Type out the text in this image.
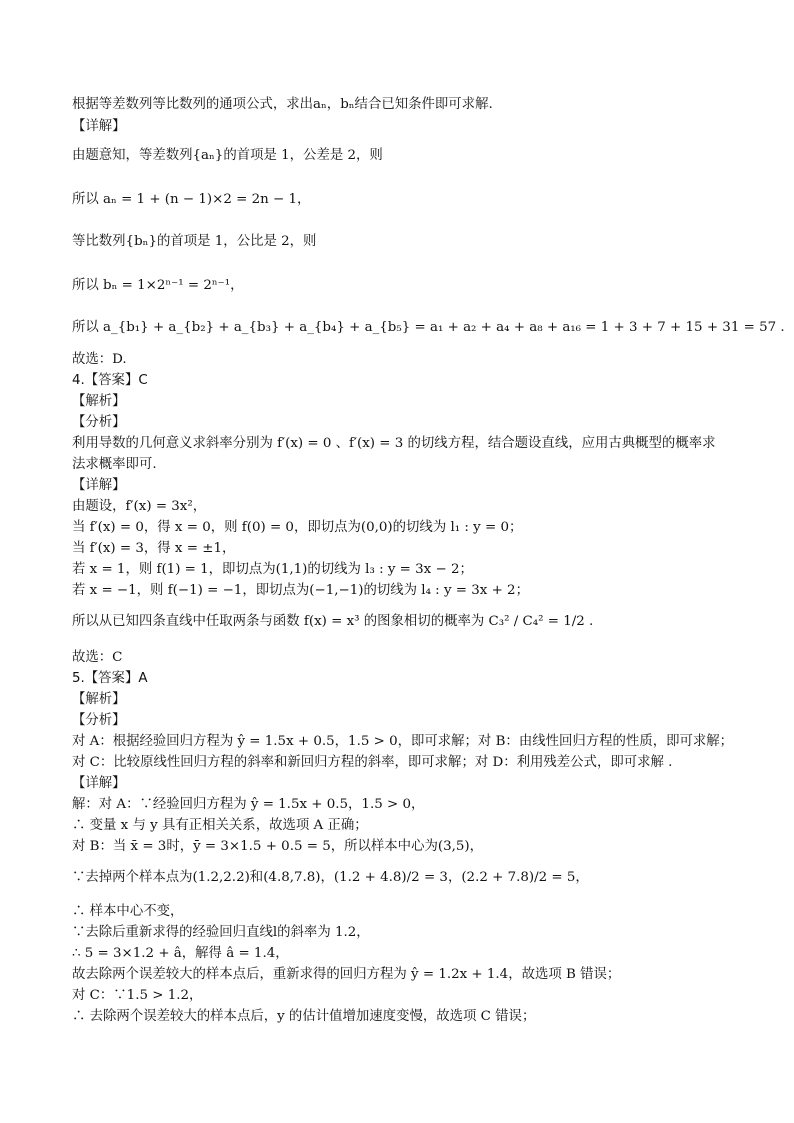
根据等差数列等比数列的通项公式，求出aₙ，bₙ结合已知条件即可求解.
【详解】
由题意知，等差数列{aₙ}的首项是 1，公差是 2，则
所以 aₙ = 1 + (n − 1)×2 = 2n − 1，
等比数列{bₙ}的首项是 1，公比是 2，则
所以 bₙ = 1×2ⁿ⁻¹ = 2ⁿ⁻¹，
所以 a_{b₁} + a_{b₂} + a_{b₃} + a_{b₄} + a_{b₅} = a₁ + a₂ + a₄ + a₈ + a₁₆ = 1 + 3 + 7 + 15 + 31 = 57 .
故选：D.
4.【答案】C
【解析】
【分析】
利用导数的几何意义求斜率分别为 f′(x) = 0 、f′(x) = 3 的切线方程，结合题设直线，应用古典概型的概率求
法求概率即可.
【详解】
由题设，f′(x) = 3x²，
当 f′(x) = 0，得 x = 0，则 f(0) = 0，即切点为(0,0)的切线为 l₁ : y = 0；
当 f′(x) = 3，得 x = ±1，
若 x = 1，则 f(1) = 1，即切点为(1,1)的切线为 l₃ : y = 3x − 2；
若 x = −1，则 f(−1) = −1，即切点为(−1,−1)的切线为 l₄ : y = 3x + 2；
所以从已知四条直线中任取两条与函数 f(x) = x³ 的图象相切的概率为 C₃² / C₄² = 1/2 .
故选：C
5.【答案】A
【解析】
【分析】
对 A：根据经验回归方程为 ŷ = 1.5x + 0.5，1.5 > 0，即可求解；对 B：由线性回归方程的性质，即可求解；
对 C：比较原线性回归方程的斜率和新回归方程的斜率，即可求解；对 D：利用残差公式，即可求解 .
【详解】
解：对 A：∵经验回归方程为 ŷ = 1.5x + 0.5，1.5 > 0，
∴ 变量 x 与 y 具有正相关关系，故选项 A 正确；
对 B：当 x̄ = 3时，ȳ = 3×1.5 + 0.5 = 5，所以样本中心为(3,5)，
∵去掉两个样本点为(1.2,2.2)和(4.8,7.8)，(1.2 + 4.8)/2 = 3，(2.2 + 7.8)/2 = 5，
∴ 样本中心不变，
∵去除后重新求得的经验回归直线l的斜率为 1.2，
∴ 5 = 3×1.2 + â，解得 â = 1.4，
故去除两个误差较大的样本点后，重新求得的回归方程为 ŷ = 1.2x + 1.4，故选项 B 错误；
对 C：∵1.5 > 1.2，
∴ 去除两个误差较大的样本点后，y 的估计值增加速度变慢，故选项 C 错误；
